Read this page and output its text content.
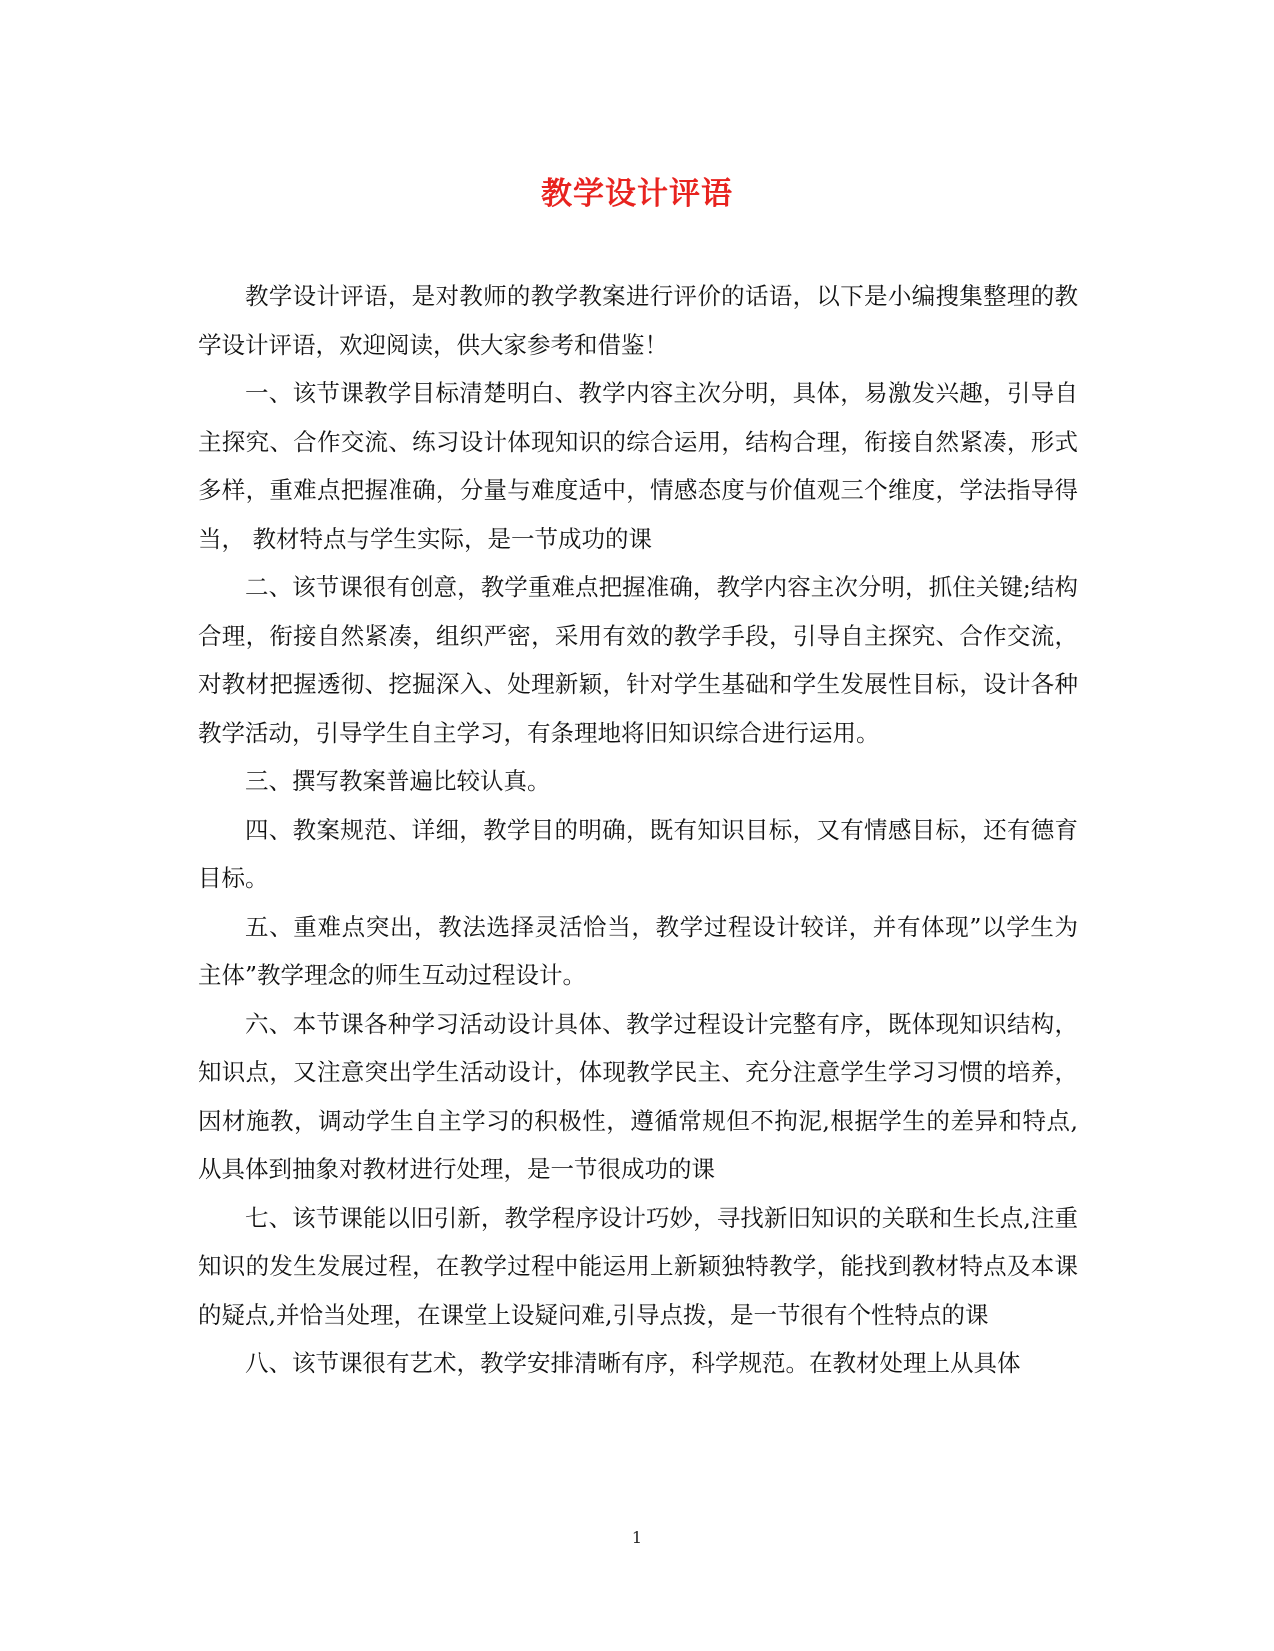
教学设计评语

教学设计评语，是对教师的教学教案进行评价的话语，以下是小编搜集整理的教学设计评语，欢迎阅读，供大家参考和借鉴！

一、该节课教学目标清楚明白、教学内容主次分明，具体，易激发兴趣，引导自主探究、合作交流、练习设计体现知识的综合运用，结构合理，衔接自然紧凑，形式多样，重难点把握准确，分量与难度适中，情感态度与价值观三个维度，学法指导得当， 教材特点与学生实际，是一节成功的课

二、该节课很有创意，教学重难点把握准确，教学内容主次分明，抓住关键;结构合理，衔接自然紧凑，组织严密，采用有效的教学手段，引导自主探究、合作交流，对教材把握透彻、挖掘深入、处理新颖，针对学生基础和学生发展性目标，设计各种教学活动，引导学生自主学习，有条理地将旧知识综合进行运用。

三、撰写教案普遍比较认真。

四、教案规范、详细，教学目的明确，既有知识目标，又有情感目标，还有德育目标。

五、重难点突出，教法选择灵活恰当，教学过程设计较详，并有体现”以学生为主体”教学理念的师生互动过程设计。

六、本节课各种学习活动设计具体、教学过程设计完整有序，既体现知识结构，知识点，又注意突出学生活动设计，体现教学民主、充分注意学生学习习惯的培养，因材施教，调动学生自主学习的积极性，遵循常规但不拘泥,根据学生的差异和特点, 从具体到抽象对教材进行处理，是一节很成功的课

七、该节课能以旧引新，教学程序设计巧妙，寻找新旧知识的关联和生长点,注重知识的发生发展过程，在教学过程中能运用上新颖独特教学，能找到教材特点及本课的疑点,并恰当处理，在课堂上设疑问难,引导点拨，是一节很有个性特点的课

八、该节课很有艺术，教学安排清晰有序，科学规范。在教材处理上从具体

1
